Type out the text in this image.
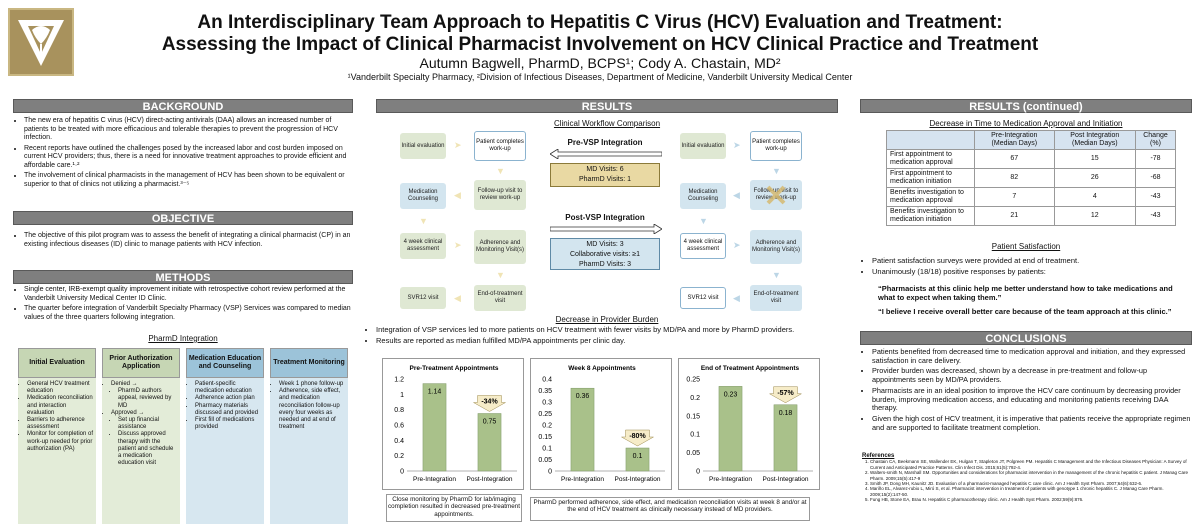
An Interdisciplinary Team Approach to Hepatitis C Virus (HCV) Evaluation and Treatment:
Assessing the Impact of Clinical Pharmacist Involvement on HCV Clinical Practice and Treatment
Autumn Bagwell, PharmD, BCPS¹; Cody A. Chastain, MD²
¹Vanderbilt Specialty Pharmacy, ²Division of Infectious Diseases, Department of Medicine, Vanderbilt University Medical Center
BACKGROUND
• The new era of hepatitis C virus (HCV) direct-acting antivirals (DAA) allows an increased number of patients to be treated with more efficacious and tolerable therapies to prevent the progression of HCV infection.
• Recent reports have outlined the challenges posed by the increased labor and cost burden imposed on current HCV providers; thus, there is a need for innovative treatment approaches to provide efficient and affordable care.¹·²
• The involvement of clinical pharmacists in the management of HCV has been shown to be equivalent or superior to that of clinics not utilizing a pharmacist.³⁻⁵
OBJECTIVE
• The objective of this pilot program was to assess the benefit of integrating a clinical pharmacist (CP) in an existing infectious diseases (ID) clinic to manage patients with HCV infection.
METHODS
• Single center, IRB-exempt quality improvement initiate with retrospective cohort review performed at the Vanderbilt University Medical Center ID Clinic.
• The quarter before integration of Vanderbilt Specialty Pharmacy (VSP) Services was compared to median values of the three quarters following integration.
PharmD Integration
Initial Evaluation
• General HCV treatment education
• Medication reconciliation and interaction evaluation
• Barriers to adherence assessment
• Monitor for completion of work-up needed for prior authorization (PA)
Prior Authorization Application
• Denied →
• PharmD authors appeal, reviewed by MD
• Approved →
• Set up financial assistance
• Discuss approved therapy with the patient and schedule a medication education visit
Medication Education and Counseling
• Patient-specific medication education
• Adherence action plan
• Pharmacy materials discussed and provided
• First fill of medications provided
Treatment Monitoring
• Week 1 phone follow-up
• Adherence, side effect, and medication reconciliation follow-up every four weeks as needed and at end of treatment
RESULTS
Clinical Workflow Comparison
Initial evaluation
Patient completes work-up
Follow-up visit to review work-up
Medication Counseling
4 week clinical assessment
Adherence and Monitoring Visit(s)
End-of-treatment visit
SVR12 visit
➤
▼
◀
▼
➤
▼
◀
Pre-VSP Integration
MD Visits: 6
PharmD Visits: 1
Post-VSP Integration
MD Visits: 3
Collaborative visits: ≥1
PharmD Visits: 3
Initial evaluation
Patient completes work-up
Follow-up visit to review work-up
Medication Counseling
4 week clinical assessment
Adherence and Monitoring Visit(s)
End-of-treatment visit
SVR12 visit
➤
▼
◀
▼
➤
▼
◀
Decrease in Provider Burden
• Integration of VSP services led to more patients on HCV treatment with fewer visits by MD/PA and more by PharmD providers.
• Results are reported as median fulfilled MD/PA appointments per clinic day.
Pre-Treatment Appointments
0
0.2
0.4
0.6
0.8
1
1.2
1.14
Pre-Integration
0.75
Post-Integration
-34%
Week 8 Appointments
0
0.05
0.1
0.15
0.2
0.25
0.3
0.35
0.4
0.36
Pre-Integration
0.1
Post-Integration
-80%
End of Treatment Appointments
0
0.05
0.1
0.15
0.2
0.25
0.23
Pre-Integration
0.18
Post-Integration
-57%
Close monitoring by PharmD for lab/imaging completion resulted in decreased pre-treatment appointments.
PharmD performed adherence, side effect, and medication reconciliation visits at week 8 and/or at the end of HCV treatment as clinically necessary instead of MD providers.
RESULTS (continued)
Decrease in Time to Medication Approval and Initiation
	Pre-Integration (Median Days)	Post Integration (Median Days)	Change (%)
First appointment to medication approval	67	15	-78
First appointment to medication initiation	82	26	-68
Benefits investigation to medication approval	7	4	-43
Benefits investigation to medication initiation	21	12	-43
Patient Satisfaction
• Patient satisfaction surveys were provided at end of treatment.
• Unanimously (18/18) positive responses by patients:
“Pharmacists at this clinic help me better understand how to take medications and what to expect when taking them.”
“I believe I receive overall better care because of the team approach at this clinic.”
CONCLUSIONS
• Patients benefited from decreased time to medication approval and initiation, and they expressed satisfaction in care delivery.
• Provider burden was decreased, shown by a decrease in pre-treatment and follow-up appointments seen by MD/PA providers.
• Pharmacists are in an ideal position to improve the HCV care continuum by decreasing provider burden, improving medication access, and educating and monitoring patients receiving DAA therapy.
• Given the high cost of HCV treatment, it is imperative that patients receive the appropriate regimen and are supported to facilitate treatment completion.
References
1. Chastain CA, Beekmann SE, Wallender EK, Hulgan T, Stapleton JT, Polgreen PM. Hepatitis C Management and the Infectious Diseases Physician: A Survey of Current and Anticipated Practice Patterns. Clin Infect Dis. 2015;61(5):792-4.
2. Walters-smith N, Marshall SM. Opportunities and considerations for pharmacist intervention in the management of the chronic hepatitis C patient. J Manag Care Pharm. 2009;15(5):417-9
3. Smith JP, Dong MH, Kaunitz JD. Evaluation of a pharmacist-managed hepatitis C care clinic. Am J Health Syst Pharm. 2007;64(6):632-6.
4. Mariño EL, Alvarez-rubio L, Miró S, et al. Pharmacist intervention in treatment of patients with genotype 1 chronic hepatitis C. J Manag Care Pharm. 2009;15(2):147-50.
5. Fung HB, Stone EA, Brau N. Hepatitis C pharmacotherapy clinic. Am J Health Syst Pharm. 2002;59(9):876.
